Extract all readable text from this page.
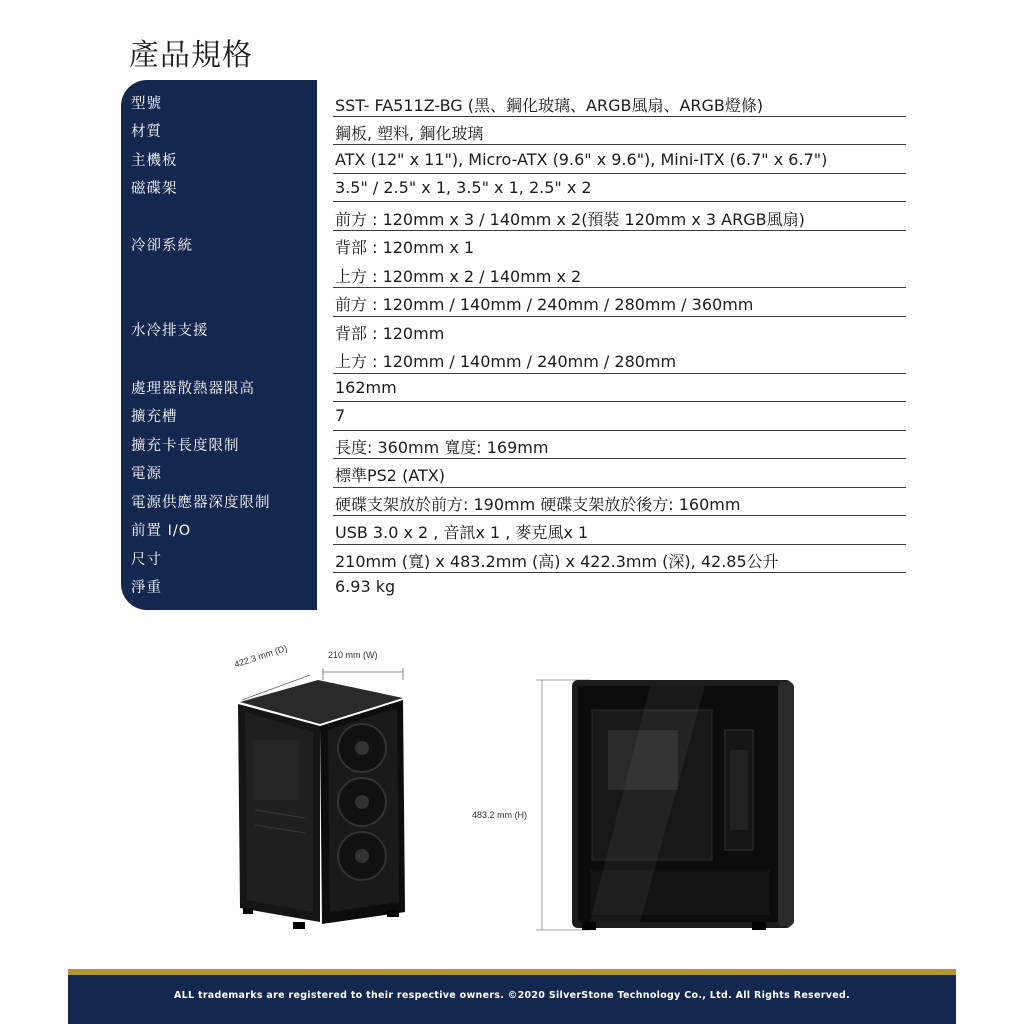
產品規格
型號
材質
主機板
磁碟架
冷卻系統
水冷排支援
處理器散熱器限高
擴充槽
擴充卡長度限制
電源
電源供應器深度限制
前置 I/O
尺寸
淨重
SST- FA511Z-BG (黑、鋼化玻璃、ARGB風扇、ARGB燈條)
鋼板, 塑料, 鋼化玻璃
ATX (12" x 11"), Micro-ATX (9.6" x 9.6"), Mini-ITX (6.7" x 6.7")
3.5" / 2.5" x 1, 3.5" x 1, 2.5" x 2
前方 : 120mm x 3 / 140mm x 2(預裝 120mm x 3 ARGB風扇)
背部 : 120mm x 1
上方 : 120mm x 2 / 140mm x 2
前方 : 120mm / 140mm / 240mm / 280mm / 360mm
背部 : 120mm
上方 : 120mm / 140mm / 240mm / 280mm
162mm
7
長度: 360mm 寬度: 169mm
標準PS2 (ATX)
硬碟支架放於前方: 190mm 硬碟支架放於後方: 160mm
USB 3.0 x 2 , 音訊x 1 , 麥克風x 1
210mm (寬) x 483.2mm (高) x 422.3mm (深), 42.85公升
6.93 kg
422.3 mm (D)	210 mm (W)
483.2 mm (H)
ALL trademarks are registered to their respective owners. ©2020 SilverStone Technology Co., Ltd. All Rights Reserved.
